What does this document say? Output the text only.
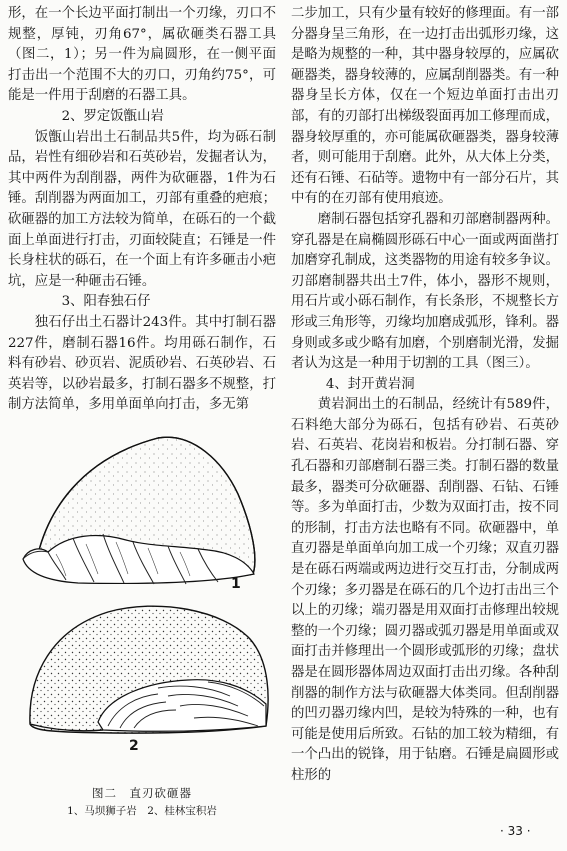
形，在一个长边平面打制出一个刃缘，刃口不规整，厚钝，刃角67°，属砍砸类石器工具（图二，1）；另一件为扁圆形，在一侧平面打击出一个范围不大的刃口，刃角约75°，可能是一件用于刮磨的石器工具。

2、罗定饭甑山岩

饭甑山岩出土石制品共5件，均为砾石制品，岩性有细砂岩和石英砂岩，发掘者认为，其中两件为刮削器，两件为砍砸器，1件为石锤。刮削器为两面加工，刃部有重叠的疤痕；砍砸器的加工方法较为简单，在砾石的一个截面上单面进行打击，刃面较陡直；石锤是一件长身柱状的砾石，在一个面上有许多砸击小疤坑，应是一种砸击石锤。

3、阳春独石仔

独石仔出土石器计243件。其中打制石器227件，磨制石器16件。均用砾石制作，石料有砂岩、砂页岩、泥质砂岩、石英砂岩、石英岩等，以砂岩最多，打制石器多不规整，打制方法简单，多用单面单向打击，多无第

二步加工，只有少量有较好的修理面。有一部分器身呈三角形，在一边打击出弧形刃缘，这是略为规整的一种，其中器身较厚的，应属砍砸器类，器身较薄的，应属刮削器类。有一种器身呈长方体，仅在一个短边单面打击出刃部，有的刃部打出梯级裂面再加工修理而成，器身较厚重的，亦可能属砍砸器类，器身较薄者，则可能用于刮磨。此外，从大体上分类，还有石锤、石砧等。遗物中有一部分石片，其中有的在刃部有使用痕迹。

磨制石器包括穿孔器和刃部磨制器两种。穿孔器是在扁椭圆形砾石中心一面或两面凿打加磨穿孔制成，这类器物的用途有较多争议。刃部磨制器共出土7件，体小，器形不规则，用石片或小砾石制作，有长条形，不规整长方形或三角形等，刃缘均加磨成弧形，锋利。器身则或多或少略有加磨，个别磨制光滑，发掘者认为这是一种用于切割的工具（图三）。

4、封开黄岩洞

黄岩洞出土的石制品，经统计有589件，石料绝大部分为砾石，包括有砂岩、石英砂岩、石英岩、花岗岩和板岩。分打制石器、穿孔石器和刃部磨制石器三类。打制石器的数量最多，器类可分砍砸器、刮削器、石钻、石锤等。多为单面打击，少数为双面打击，按不同的形制，打击方法也略有不同。砍砸器中，单直刃器是单面单向加工成一个刃缘；双直刃器是在砾石两端或两边进行交互打击，分制成两个刃缘；多刃器是在砾石的几个边打击出三个以上的刃缘；端刃器是用双面打击修理出较规整的一个刃缘；圆刃器或弧刃器是用单面或双面打击并修理出一个圆形或弧形的刃缘；盘状器是在圆形器体周边双面打击出刃缘。各种刮削器的制作方法与砍砸器大体类同。但刮削器的凹刃器刃缘内凹，是较为特殊的一种，也有可能是使用后所致。石钻的加工较为精细，有一个凸出的锐锋，用于钻磨。石锤是扁圆形或柱形的

1
2
图二　直刃砍砸器
1、马坝狮子岩　2、桂林宝积岩
· 33 ·
